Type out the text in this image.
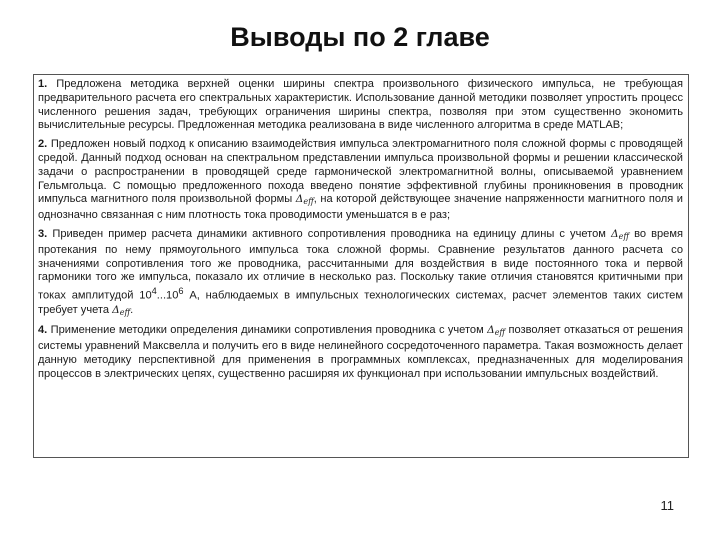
Выводы по 2 главе

1. Предложена методика верхней оценки ширины спектра произвольного физического импульса, не требующая предварительного расчета его спектральных характеристик. Использование данной методики позволяет упростить процесс численного решения задач, требующих ограничения ширины спектра, позволяя при этом существенно экономить вычислительные ресурсы. Предложенная методика реализована в виде численного алгоритма в среде MATLAB;

2. Предложен новый подход к описанию взаимодействия импульса электромагнитного поля сложной формы с проводящей средой. Данный подход основан на спектральном представлении импульса произвольной формы и решении классической задачи о распространении в проводящей среде гармонической электромагнитной волны, описываемой уравнением Гельмгольца. С помощью предложенного похода введено понятие эффективной глубины проникновения в проводник импульса магнитного поля произвольной формы $\Delta_{eff}$, на которой действующее значение напряженности магнитного поля и однозначно связанная с ним плотность тока проводимости уменьшатся в e раз;

3. Приведен пример расчета динамики активного сопротивления проводника на единицу длины с учетом $\Delta_{eff}$ во время протекания по нему прямоугольного импульса тока сложной формы. Сравнение результатов данного расчета со значениями сопротивления того же проводника, рассчитанными для воздействия в виде постоянного тока и первой гармоники того же импульса, показало их отличие в несколько раз. Поскольку такие отличия становятся критичными при токах амплитудой $10^4...10^6$ А, наблюдаемых в импульсных технологических системах, расчет элементов таких систем требует учета $\Delta_{eff}$.

4. Применение методики определения динамики сопротивления проводника с учетом $\Delta_{eff}$ позволяет отказаться от решения системы уравнений Максвелла и получить его в виде нелинейного сосредоточенного параметра. Такая возможность делает данную методику перспективной для применения в программных комплексах, предназначенных для моделирования процессов в электрических цепях, существенно расширяя их функционал при использовании импульсных воздействий.

11
